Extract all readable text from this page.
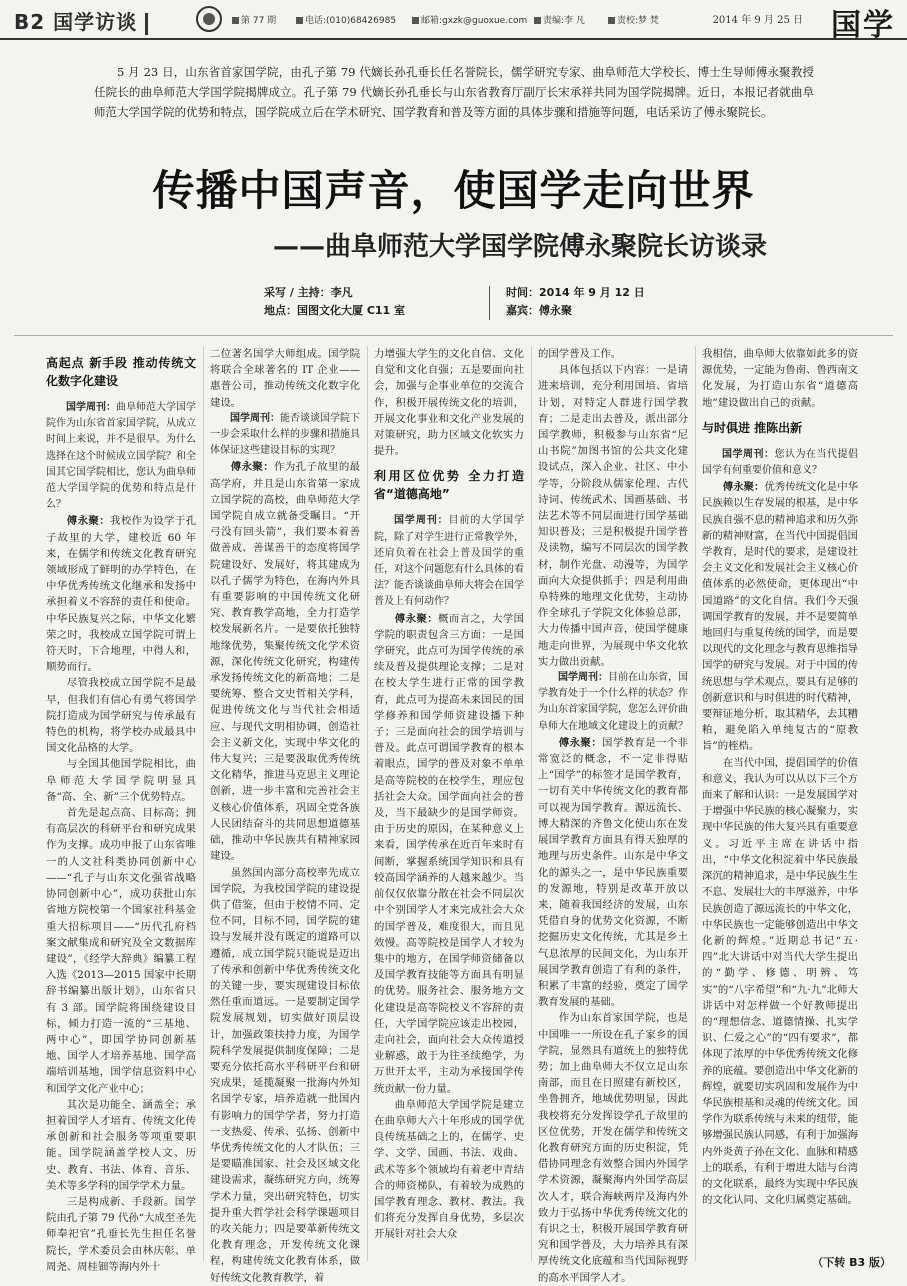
B2 国学访谈	第 77 期	电话:(010)68426985	邮箱:gxzk@guoxue.com	责编:李 凡	责校:梦 梵	2014 年 9 月 25 日 国学

5 月 23 日，山东省首家国学院，由孔子第 79 代嫡长孙孔垂长任名誉院长，儒学研究专家、曲阜师范大学校长、博士生导师傅永聚教授任院长的曲阜师范大学国学院揭牌成立。孔子第 79 代嫡长孙孔垂长与山东省教育厅副厅长宋承祥共同为国学院揭牌。近日，本报记者就曲阜师范大学国学院的优势和特点，国学院成立后在学术研究、国学教育和普及等方面的具体步骤和措施等问题，电话采访了傅永聚院长。

传播中国声音，使国学走向世界
——曲阜师范大学国学院傅永聚院长访谈录
采写 / 主持：李凡
地点：国图文化大厦 C11 室
时间：2014 年 9 月 12 日
嘉宾：傅永聚
高起点 新手段 推动传统文化数字化建设

国学周刊：曲阜师范大学国学院作为山东省首家国学院，从成立时间上来说，并不是很早。为什么选择在这个时候成立国学院？和全国其它国学院相比，您认为曲阜师范大学国学院的优势和特点是什么？

傅永聚：我校作为设学于孔子故里的大学，建校近 60 年来，在儒学和传统文化教育研究领域形成了鲜明的办学特色，在中华优秀传统文化继承和发扬中承担着义不容辞的责任和使命。中华民族复兴之际，中华文化繁荣之时，我校成立国学院可谓上符天时，下合地理，中得人和，顺势而行。

尽管我校成立国学院不是最早，但我们有信心有勇气将国学院打造成为国学研究与传承最有特色的机构，将学校办成最具中国文化品格的大学。

与全国其他国学院相比，曲阜师范大学国学院明显具备“高、全、新”三个优势特点。

首先是起点高、目标高；拥有高层次的科研平台和研究成果作为支撑。成功申报了山东省唯一的人文社科类协同创新中心——“孔子与山东文化强省战略协同创新中心”，成功获批山东省地方院校第一个国家社科基金重大招标项目——“历代孔府档案文献集成和研究及全文数据库建设”，《经学大辞典》编纂工程入选《2013—2015 国家中长期辞书编纂出版计划》，山东省只有 3 部。国学院将围绕建设目标，倾力打造一流的“三基地、两中心”，即国学协同创新基地、国学人才培养基地、国学高端培训基地，国学信息资料中心和国学文化产业中心；

其次是功能全、涵盖全；承担着国学人才培育、传统文化传承创新和社会服务等项重要职能。国学院涵盖学校人文、历史、教育、书法、体育、音乐、美术等多学科的国学学术力量。

三是构成新、手段新。国学院由孔子第 79 代孙“大成至圣先师奉祀官”孔垂长先生担任名誉院长，学术委员会由林庆彰、单周尧、周桂钿等海内外十

二位著名国学大师组成。国学院将联合全球著名的 IT 企业——惠普公司，推动传统文化数字化建设。

国学周刊：能否谈谈国学院下一步会采取什么样的步骤和措施具体保证这些建设目标的实现？

傅永聚：作为孔子故里的最高学府，并且是山东省第一家成立国学院的高校，曲阜师范大学国学院自成立就备受瞩目。“开弓没有回头箭”，我们要本着善做善成、善谋善干的态度将国学院建设好、发展好，将其建成为以孔子儒学为特色，在海内外具有重要影响的中国传统文化研究、教育教学高地，全力打造学校发展新名片。一是要依托独特地缘优势，集聚传统文化学术资源，深化传统文化研究，构建传承发扬传统文化的新高地；二是要统筹、整合文史哲相关学科，促进传统文化与当代社会相适应、与现代文明相协调，创造社会主义新文化，实现中华文化的伟大复兴；三是要汲取优秀传统文化精华，推进马克思主义理论创新，进一步丰富和完善社会主义核心价值体系，巩固全党各族人民团结奋斗的共同思想道德基础，推动中华民族共有精神家园建设。

虽然国内部分高校率先成立国学院，为我校国学院的建设提供了借鉴，但由于校情不同、定位不同，目标不同，国学院的建设与发展并没有既定的道路可以遵循，成立国学院只能说是迈出了传承和创新中华优秀传统文化的关键一步，要实现建设目标依然任重而道远。一是要制定国学院发展规划，切实做好顶层设计，加强政策扶持力度，为国学院科学发展提供制度保障；二是要充分依托高水平科研平台和研究成果，延揽凝聚一批海内外知名国学专家，培养造就一批国内有影响力的国学学者，努力打造一支热爱、传承、弘扬、创新中华优秀传统文化的人才队伍；三是要瞄准国家、社会及区域文化建设需求，凝练研究方向，统筹学术力量，突出研究特色，切实提升重大哲学社会科学课题项目的攻关能力；四是要革新传统文化教育理念，开发传统文化课程，构建传统文化教育体系，做好传统文化教育教学，着

力增强大学生的文化自信、文化自觉和文化自强；五是要面向社会，加强与企事业单位的交流合作，积极开展传统文化的培训，开展文化事业和文化产业发展的对策研究，助力区域文化软实力提升。

利用区位优势 全力打造省“道德高地”

国学周刊：目前的大学国学院，除了对学生进行正常教学外，还肩负着在社会上普及国学的重任，对这个问题您有什么具体的看法？能否谈谈曲阜师大将会在国学普及上有何动作？

傅永聚：概而言之，大学国学院的职责包含三方面：一是国学研究，此点可为国学传统的承续及普及提供理论支撑；二是对在校大学生进行正常的国学教育，此点可为提高未来国民的国学修养和国学师资建设播下种子；三是面向社会的国学培训与普及。此点可谓国学教育的根本着眼点，国学的普及对象不单单是高等院校的在校学生，理应包括社会大众。国学面向社会的普及，当下最缺少的是国学师资。由于历史的原因，在某种意义上来看，国学传承在近百年来时有间断，掌握系统国学知识和具有较高国学涵养的人越来越少。当前仅仅依靠分散在社会不同层次中个别国学人才来完成社会大众的国学普及，难度很大，而且见效慢。高等院校是国学人才较为集中的地方，在国学师资储备以及国学教育技能等方面具有明显的优势。服务社会、服务地方文化建设是高等院校义不容辞的责任，大学国学院应该走出校园，走向社会，面向社会大众传道授业解惑，敢于为往圣续绝学，为万世开太平，主动为承接国学传统贡献一份力量。

曲阜师范大学国学院是建立在曲阜师大六十年形成的国学优良传统基础之上的，在儒学、史学、文学、国画、书法、戏曲、武术等多个领域均有着老中青结合的师资梯队，有着较为成熟的国学教育理念、教材、教法。我们将充分发挥自身优势，多层次开展针对社会大众

的国学普及工作。

具体包括以下内容：一是请进来培训，充分利用国培、省培计划，对特定人群进行国学教育；二是走出去普及，派出部分国学教师，积极参与山东省“尼山书院”加图书馆的公共文化建设试点，深入企业、社区、中小学等，分阶段从儒家伦理、古代诗词、传统武术、国画基础、书法艺术等不同层面进行国学基础知识普及；三是积极提升国学普及读物，编写不同层次的国学教材，制作光盘、动漫等，为国学面向大众提供抓手；四是利用曲阜特殊的地理文化优势，主动协作全球孔子学院文化体验总部，大力传播中国声音，使国学健康地走向世界，为展现中华文化软实力做出贡献。

国学周刊：目前在山东省，国学教育处于一个什么样的状态？作为山东首家国学院，您怎么评价曲阜师大在地域文化建设上的贡献？

傅永聚：国学教育是一个非常宽泛的概念，不一定非得贴上“国学”的标签才是国学教育，一切有关中华传统文化的教育都可以视为国学教育。源远流长、博大精深的齐鲁文化使山东在发展国学教育方面具有得天独厚的地理与历史条件。山东是中华文化的源头之一，是中华民族重要的发源地，特别是改革开放以来，随着我国经济的发展，山东凭借自身的优势文化资源，不断挖掘历史文化传统，尤其是乡土气息浓厚的民间文化，为山东开展国学教育创造了有利的条件，积累了丰富的经验，奠定了国学教育发展的基础。

作为山东首家国学院，也是中国唯一一所设在孔子家乡的国学院，显然具有道统上的独特优势；加上曲阜师大不仅立足山东南部，而且在日照建有新校区，坐鲁拥齐，地域优势明显，因此我校将充分发挥设学孔子故里的区位优势，开发在儒学和传统文化教育研究方面的历史积淀，凭借协同理念有效整合国内外国学学术资源，凝聚海内外国学高层次人才，联合海峡两岸及海内外致力于弘扬中华优秀传统文化的有识之士，积极开展国学教育研究和国学普及，大力培养具有深厚传统文化底蕴和当代国际视野的高水平国学人才。

我相信，曲阜师大依靠如此多的资源优势，一定能为鲁南、鲁西南文化发展，为打造山东省“道德高地”建设做出自己的贡献。

与时俱进 推陈出新

国学周刊：您认为在当代提倡国学有何重要价值和意义？

傅永聚：优秀传统文化是中华民族赖以生存发展的根基，是中华民族自强不息的精神追求和历久弥新的精神财富，在当代中国提倡国学教育，是时代的要求，是建设社会主义文化和发展社会主义核心价值体系的必然使命，更体现出“中国道路”的文化自信。我们今天强调国学教育的发展，并不是要简单地回归与重复传统的国学，而是要以现代的文化理念与教育思维指导国学的研究与发展。对于中国的传统思想与学术观点，要具有足够的创新意识和与时俱进的时代精神，要辩证地分析，取其精华，去其糟粕，避免陷入单纯复古的“原教旨”的桎梏。

在当代中国，提倡国学的价值和意义，我认为可以从以下三个方面来了解和认识：一是发展国学对于增强中华民族的核心凝聚力，实现中华民族的伟大复兴具有重要意义。习近平主席在讲话中指出，“中华文化积淀着中华民族最深沉的精神追求，是中华民族生生不息、发展壮大的丰厚滋养，中华民族创造了源远流长的中华文化，中华民族也一定能够创造出中华文化新的辉煌。”近期总书记“五·四”北大讲话中对当代大学生提出的“勤学、修德、明辨、笃实”的“八字希望”和“九·九”北师大讲话中对怎样做一个好教师提出的“理想信念、道德情操、扎实学识、仁爱之心”的“四有要求”，都体现了浓厚的中华优秀传统文化修养的底蕴。要创造出中华文化新的辉煌，就要切实巩固和发展作为中华民族根基和灵魂的传统文化。国学作为联系传统与未来的纽带，能够增强民族认同感，有利于加强海内外炎黄子孙在文化、血脉和精感上的联系，有利于增进大陆与台湾的文化联系，最终为实现中华民族的文化认同、文化归属奠定基础。

（下转 B3 版）
